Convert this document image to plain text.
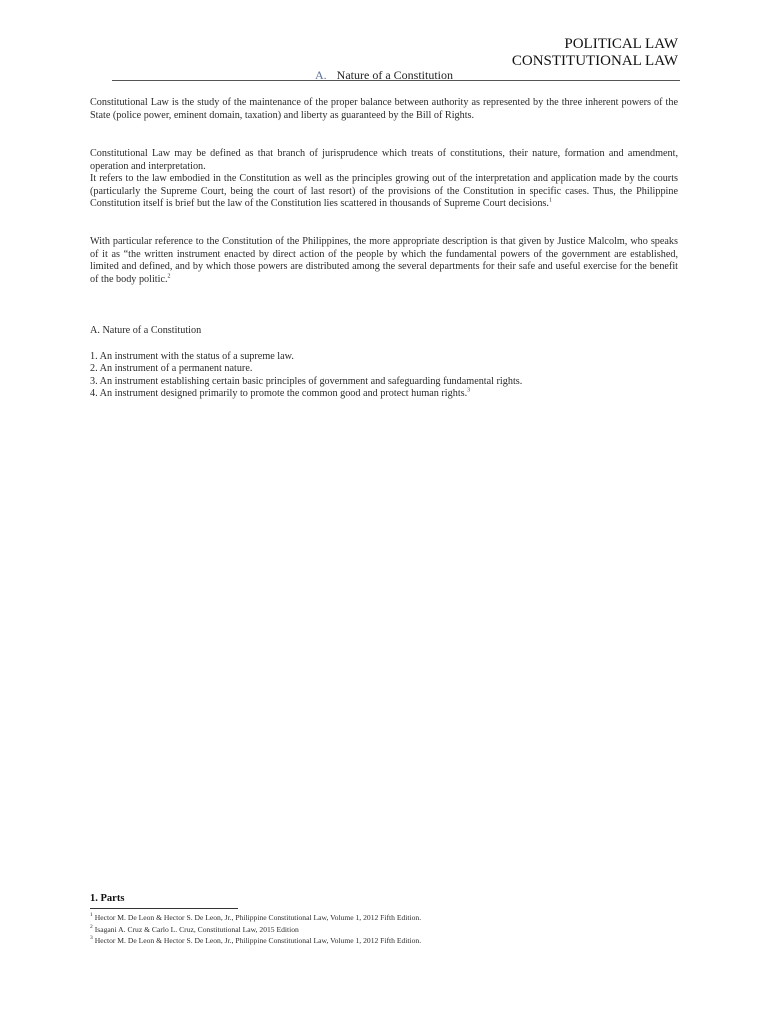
POLITICAL LAW
CONSTITUTIONAL LAW
A. Nature of a Constitution

Constitutional Law is the study of the maintenance of the proper balance between authority as represented by the three inherent powers of the State (police power, eminent domain, taxation) and liberty as guaranteed by the Bill of Rights.

Constitutional Law may be defined as that branch of jurisprudence which treats of constitutions, their nature, formation and amendment, operation and interpretation.

It refers to the law embodied in the Constitution as well as the principles growing out of the interpretation and application made by the courts (particularly the Supreme Court, being the court of last resort) of the provisions of the Constitution in specific cases. Thus, the Philippine Constitution itself is brief but the law of the Constitution lies scattered in thousands of Supreme Court decisions.$^1$

With particular reference to the Constitution of the Philippines, the more appropriate description is that given by Justice Malcolm, who speaks of it as “the written instrument enacted by direct action of the people by which the fundamental powers of the government are established, limited and defined, and by which those powers are distributed among the several departments for their safe and useful exercise for the benefit of the body politic.$^2$

A. Nature of a Constitution

1. An instrument with the status of a supreme law.
2. An instrument of a permanent nature.
3. An instrument establishing certain basic principles of government and safeguarding fundamental rights.
4. An instrument designed primarily to promote the common good and protect human rights.$^3$
1. Parts
$^1$ Hector M. De Leon & Hector S. De Leon, Jr., Philippine Constitutional Law, Volume 1, 2012 Fifth Edition.
$^2$ Isagani A. Cruz & Carlo L. Cruz, Constitutional Law, 2015 Edition
$^3$ Hector M. De Leon & Hector S. De Leon, Jr., Philippine Constitutional Law, Volume 1, 2012 Fifth Edition.
